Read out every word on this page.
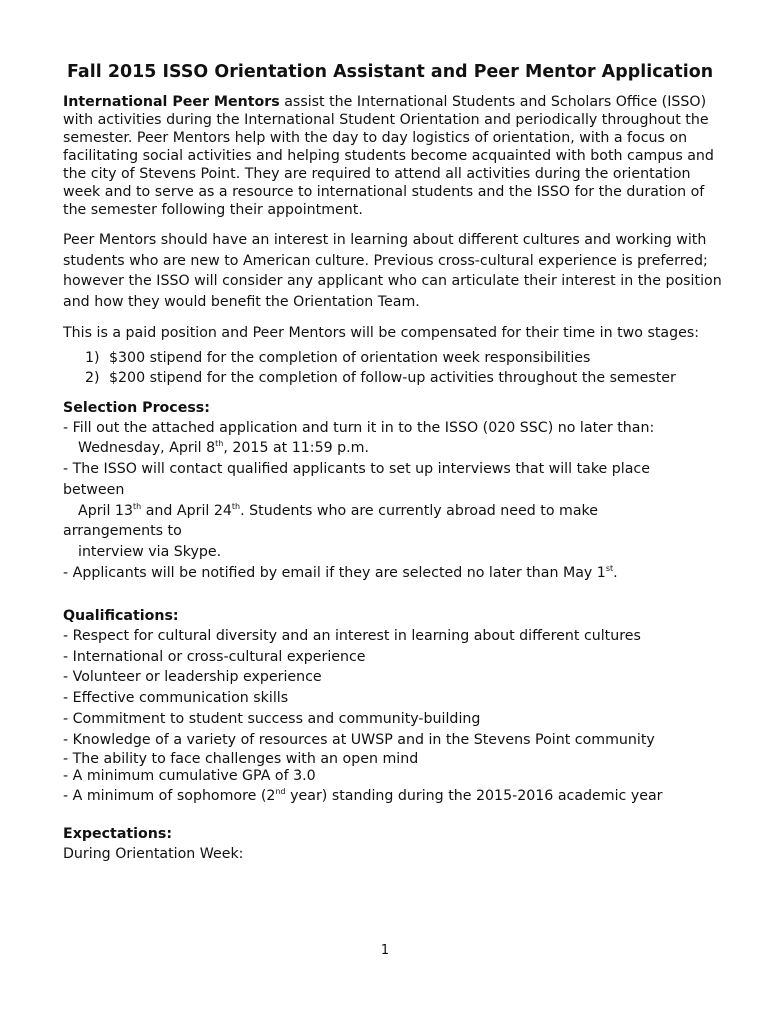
Fall 2015 ISSO Orientation Assistant and Peer Mentor Application

International Peer Mentors assist the International Students and Scholars Office (ISSO) with activities during the International Student Orientation and periodically throughout the semester. Peer Mentors help with the day to day logistics of orientation, with a focus on facilitating social activities and helping students become acquainted with both campus and the city of Stevens Point. They are required to attend all activities during the orientation week and to serve as a resource to international students and the ISSO for the duration of the semester following their appointment.

Peer Mentors should have an interest in learning about different cultures and working with students who are new to American culture. Previous cross-cultural experience is preferred; however the ISSO will consider any applicant who can articulate their interest in the position and how they would benefit the Orientation Team.

This is a paid position and Peer Mentors will be compensated for their time in two stages:

1) $300 stipend for the completion of orientation week responsibilities
2) $200 stipend for the completion of follow-up activities throughout the semester
Selection Process:
- Fill out the attached application and turn it in to the ISSO (020 SSC) no later than:
Wednesday, April 8th, 2015 at 11:59 p.m.
- The ISSO will contact qualified applicants to set up interviews that will take place
between
April 13th and April 24th. Students who are currently abroad need to make
arrangements to
interview via Skype.
- Applicants will be notified by email if they are selected no later than May 1st.
Qualifications:
- Respect for cultural diversity and an interest in learning about different cultures
- International or cross-cultural experience
- Volunteer or leadership experience
- Effective communication skills
- Commitment to student success and community-building
- Knowledge of a variety of resources at UWSP and in the Stevens Point community
- The ability to face challenges with an open mind
- A minimum cumulative GPA of 3.0
- A minimum of sophomore (2nd year) standing during the 2015-2016 academic year
Expectations:
During Orientation Week:
1
